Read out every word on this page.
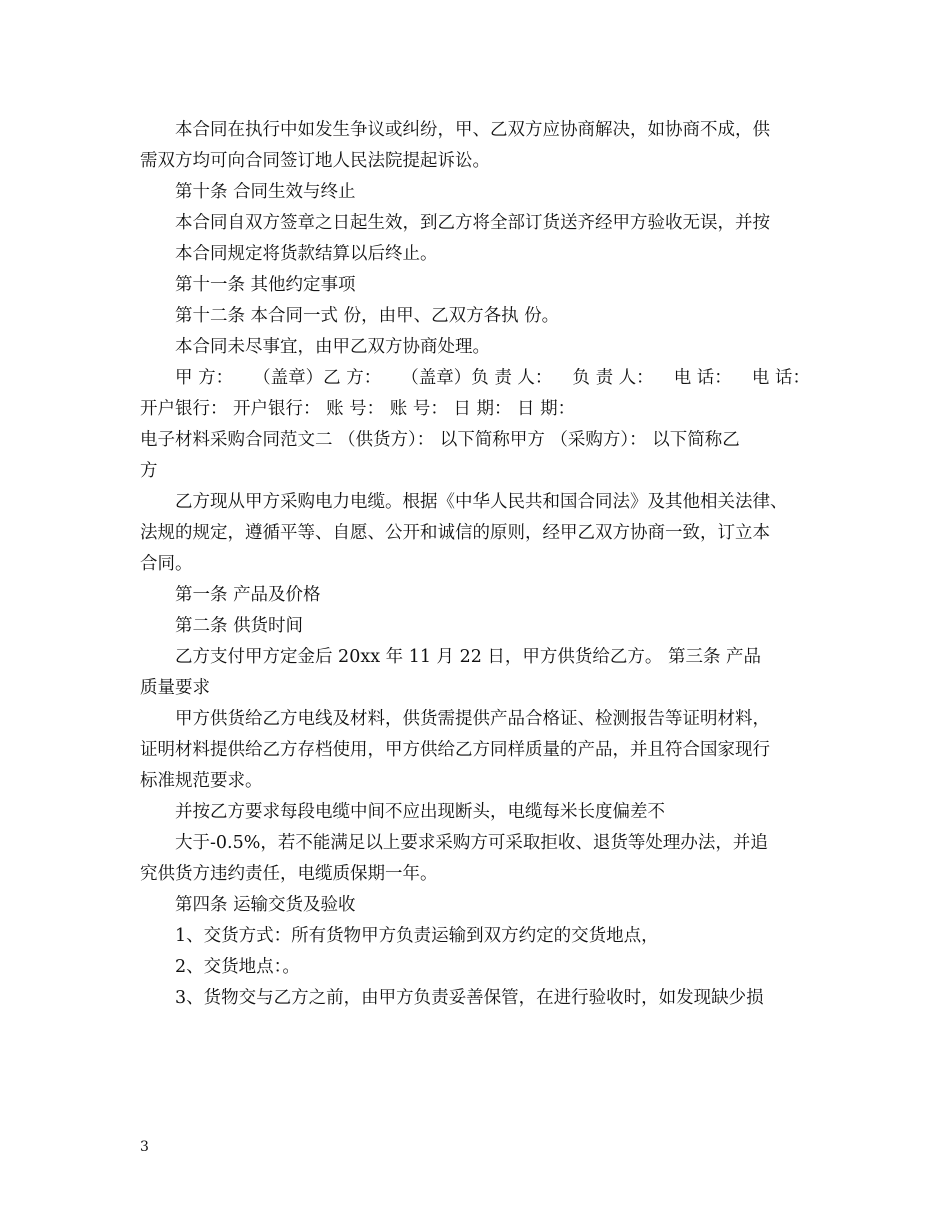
本合同在执行中如发生争议或纠纷，甲、乙双方应协商解决，如协商不成，供
需双方均可向合同签订地人民法院提起诉讼。
第十条 合同生效与终止
本合同自双方签章之日起生效，到乙方将全部订货送齐经甲方验收无误，并按
本合同规定将货款结算以后终止。
第十一条 其他约定事项
第十二条 本合同一式 份，由甲、乙双方各执 份。
本合同未尽事宜，由甲乙双方协商处理。
甲 方： （盖章）乙 方： （盖章）负 责 人： 负 责 人： 电 话： 电 话：
开户银行： 开户银行： 账 号： 账 号： 日 期： 日 期：
电子材料采购合同范文二 （供货方）： 以下简称甲方 （采购方）： 以下简称乙
方
乙方现从甲方采购电力电缆。根据《中华人民共和国合同法》及其他相关法律、
法规的规定，遵循平等、自愿、公开和诚信的原则，经甲乙双方协商一致，订立本
合同。
第一条 产品及价格
第二条 供货时间
乙方支付甲方定金后 20xx 年 11 月 22 日，甲方供货给乙方。 第三条 产品
质量要求
甲方供货给乙方电线及材料，供货需提供产品合格证、检测报告等证明材料，
证明材料提供给乙方存档使用，甲方供给乙方同样质量的产品，并且符合国家现行
标准规范要求。
并按乙方要求每段电缆中间不应出现断头，电缆每米长度偏差不
大于-0.5%，若不能满足以上要求采购方可采取拒收、退货等处理办法，并追
究供货方违约责任，电缆质保期一年。
第四条 运输交货及验收
1、交货方式：所有货物甲方负责运输到双方约定的交货地点，
2、交货地点：。
3、货物交与乙方之前，由甲方负责妥善保管，在进行验收时，如发现缺少损
3
